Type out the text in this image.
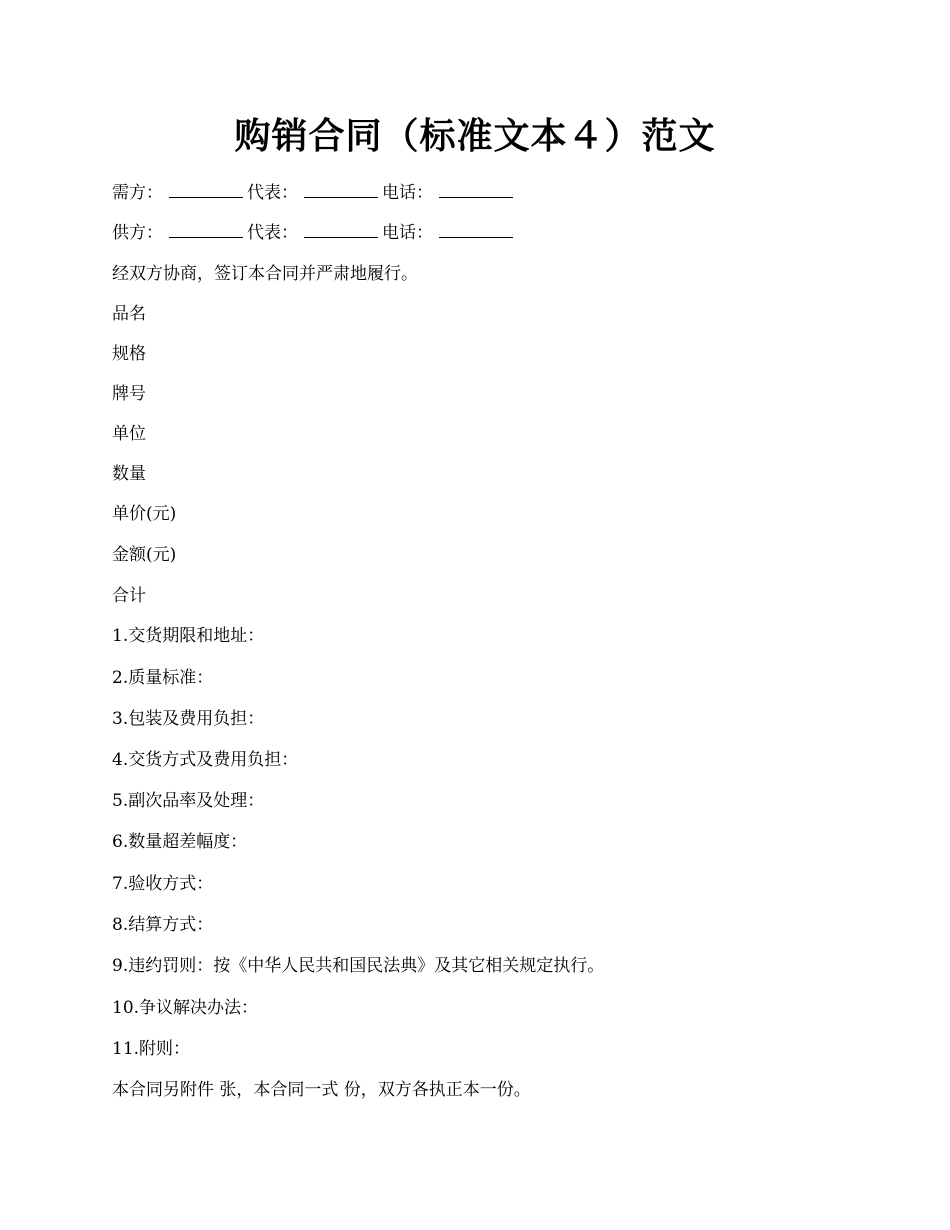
购销合同（标准文本４）范文
需方：	代表：	电话：
供方：	代表：	电话：
经双方协商，签订本合同并严肃地履行。
品名
规格
牌号
单位
数量
单价(元)
金额(元)
合计
1.交货期限和地址：
2.质量标准：
3.包装及费用负担：
4.交货方式及费用负担：
5.副次品率及处理：
6.数量超差幅度：
7.验收方式：
8.结算方式：
9.违约罚则：按《中华人民共和国民法典》及其它相关规定执行。
10.争议解决办法：
11.附则：
本合同另附件 张，本合同一式 份，双方各执正本一份。
